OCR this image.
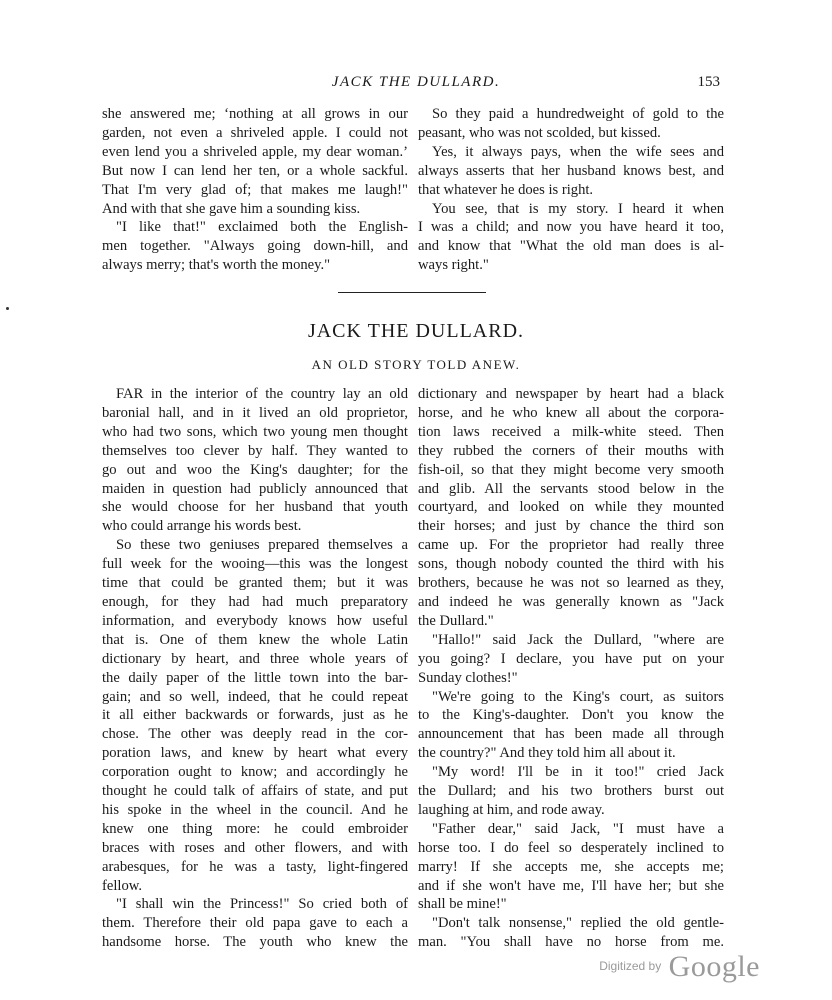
JACK THE DULLARD.	153
she answered me; ‘nothing at all grows in our
garden, not even a shriveled apple. I could not
even lend you a shriveled apple, my dear woman.’
But now I can lend her ten, or a whole sackful.
That I'm very glad of; that makes me laugh!"
And with that she gave him a sounding kiss.
"I like that!" exclaimed both the English-
men together. "Always going down-hill, and
always merry; that's worth the money."
So they paid a hundredweight of gold to the
peasant, who was not scolded, but kissed.
Yes, it always pays, when the wife sees and
always asserts that her husband knows best, and
that whatever he does is right.
You see, that is my story. I heard it when
I was a child; and now you have heard it too,
and know that "What the old man does is al-
ways right."
JACK THE DULLARD.
AN OLD STORY TOLD ANEW.
FAR in the interior of the country lay an old
baronial hall, and in it lived an old proprietor,
who had two sons, which two young men thought
themselves too clever by half. They wanted to
go out and woo the King's daughter; for the
maiden in question had publicly announced that
she would choose for her husband that youth
who could arrange his words best.
So these two geniuses prepared themselves a
full week for the wooing—this was the longest
time that could be granted them; but it was
enough, for they had had much preparatory
information, and everybody knows how useful
that is. One of them knew the whole Latin
dictionary by heart, and three whole years of
the daily paper of the little town into the bar-
gain; and so well, indeed, that he could repeat
it all either backwards or forwards, just as he
chose. The other was deeply read in the cor-
poration laws, and knew by heart what every
corporation ought to know; and accordingly he
thought he could talk of affairs of state, and put
his spoke in the wheel in the council. And he
knew one thing more: he could embroider
braces with roses and other flowers, and with
arabesques, for he was a tasty, light-fingered
fellow.
"I shall win the Princess!" So cried both of
them. Therefore their old papa gave to each a
handsome horse. The youth who knew the
dictionary and newspaper by heart had a black
horse, and he who knew all about the corpora-
tion laws received a milk-white steed. Then
they rubbed the corners of their mouths with
fish-oil, so that they might become very smooth
and glib. All the servants stood below in the
courtyard, and looked on while they mounted
their horses; and just by chance the third son
came up. For the proprietor had really three
sons, though nobody counted the third with his
brothers, because he was not so learned as they,
and indeed he was generally known as "Jack
the Dullard."
"Hallo!" said Jack the Dullard, "where are
you going? I declare, you have put on your
Sunday clothes!"
"We're going to the King's court, as suitors
to the King's-daughter. Don't you know the
announcement that has been made all through
the country?" And they told him all about it.
"My word! I'll be in it too!" cried Jack
the Dullard; and his two brothers burst out
laughing at him, and rode away.
"Father dear," said Jack, "I must have a
horse too. I do feel so desperately inclined to
marry! If she accepts me, she accepts me;
and if she won't have me, I'll have her; but she
shall be mine!"
"Don't talk nonsense," replied the old gentle-
man. "You shall have no horse from me.
$^{Digitized by}$ Google
